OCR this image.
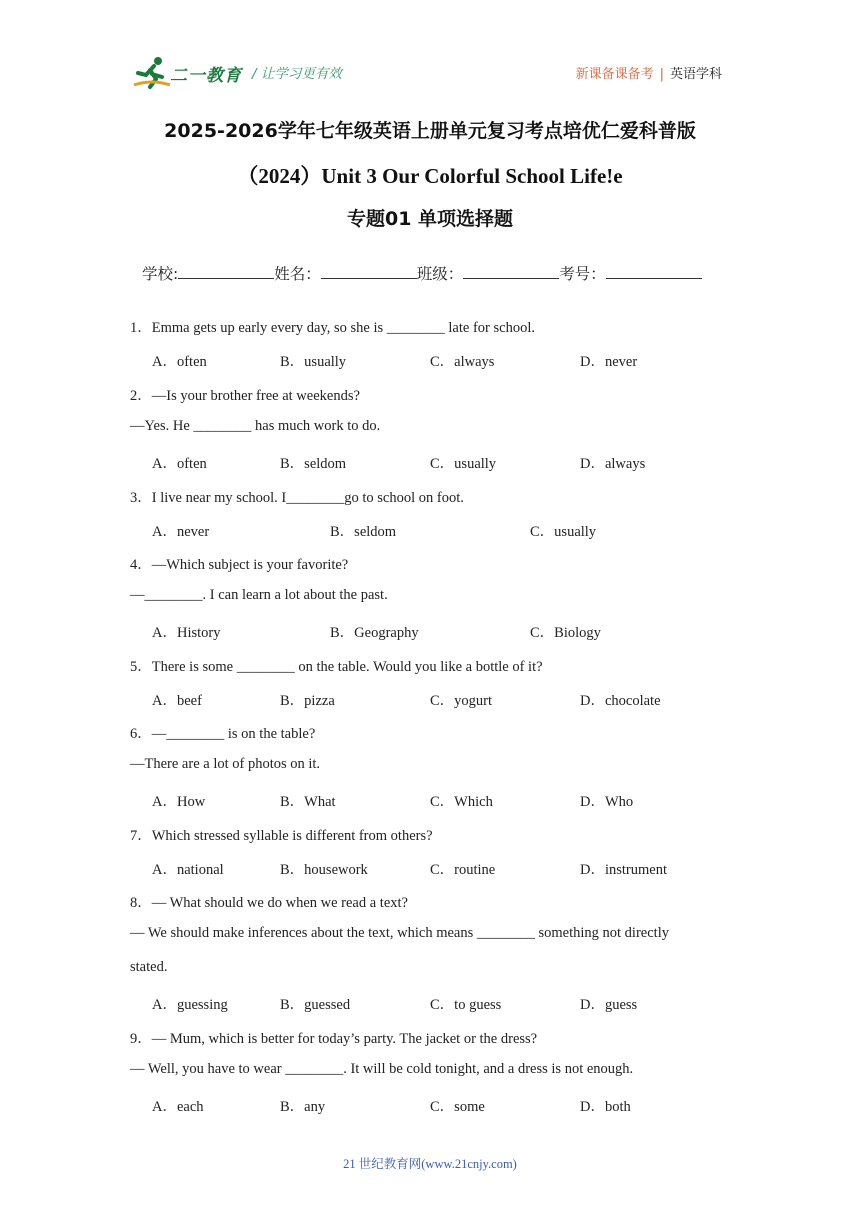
二一教育 / 让学习更有效	新课备课备考 | 英语学科
2025-2026学年七年级英语上册单元复习考点培优仁爱科普版
（2024）Unit 3 Our Colorful School Life!e
专题01 单项选择题
学校:	姓名：	班级：	考号：
1．Emma gets up early every day, so she is ________ late for school.
A．often	B．usually	C．always	D．never
2．—Is your brother free at weekends?
—Yes. He ________ has much work to do.
A．often	B．seldom	C．usually	D．always
3．I live near my school. I________go to school on foot.
A．never	B．seldom	C．usually
4．—Which subject is your favorite?
—________. I can learn a lot about the past.
A．History	B．Geography	C．Biology
5．There is some ________ on the table. Would you like a bottle of it?
A．beef	B．pizza	C．yogurt	D．chocolate
6．—________ is on the table?
—There are a lot of photos on it.
A．How	B．What	C．Which	D．Who
7．Which stressed syllable is different from others?
A．national	B．housework	C．routine	D．instrument
8．— What should we do when we read a text?
— We should make inferences about the text, which means ________ something not directly
stated.
A．guessing	B．guessed	C．to guess	D．guess
9．— Mum, which is better for today’s party. The jacket or the dress?
— Well, you have to wear ________. It will be cold tonight, and a dress is not enough.
A．each	B．any	C．some	D．both
21 世纪教育网(www.21cnjy.com)
